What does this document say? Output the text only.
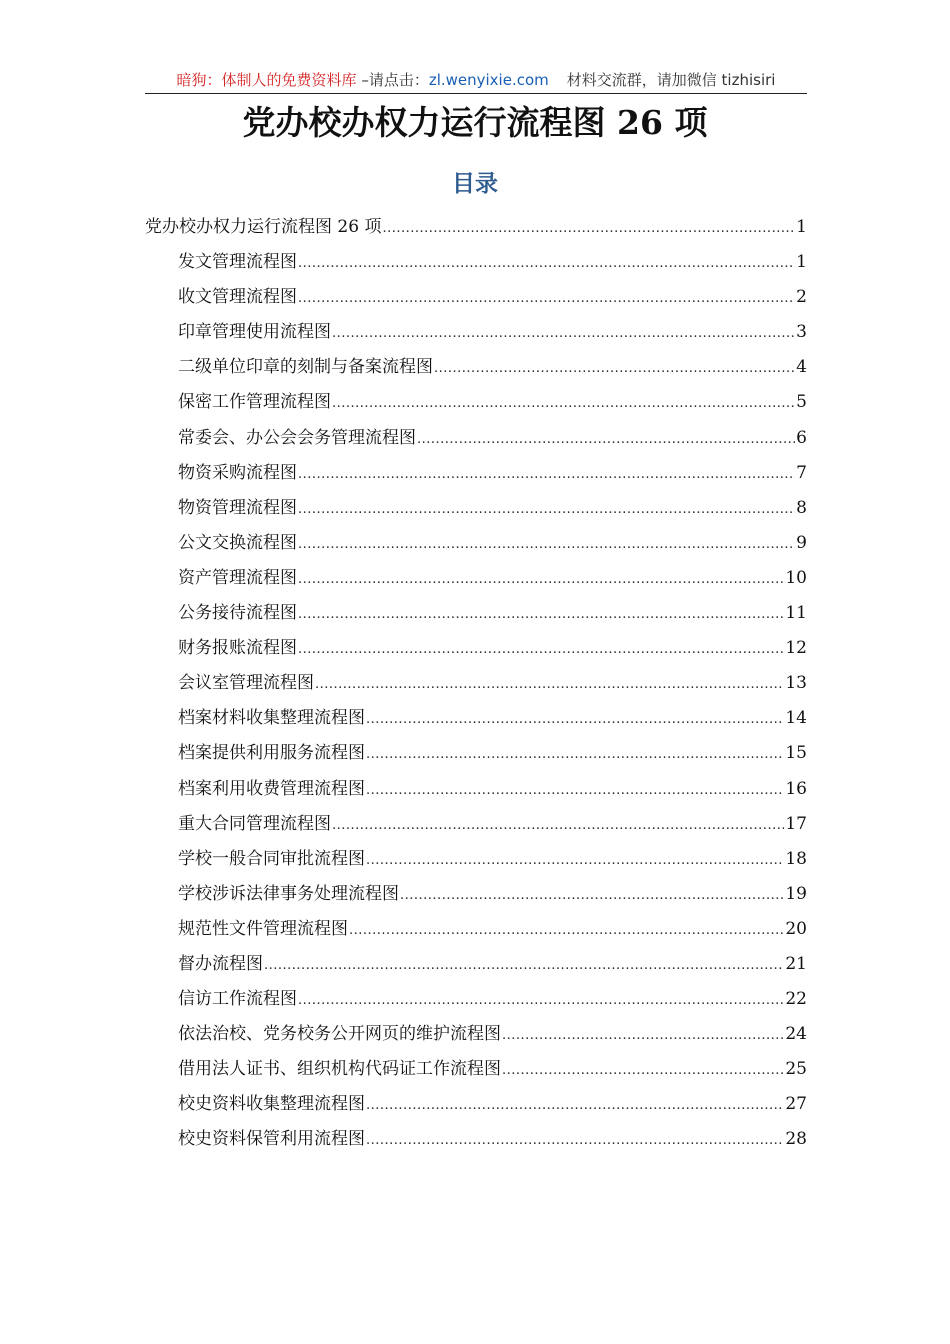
暗狗：体制人的免费资料库 –请点击：zl.wenyixie.com 材料交流群，请加微信 tizhisiri
党办校办权力运行流程图 26 项
目录
党办校办权力运行流程图 26 项 .....	1
发文管理流程图 .....	1
收文管理流程图 .....	2
印章管理使用流程图 .....	3
二级单位印章的刻制与备案流程图 .....	4
保密工作管理流程图 .....	5
常委会、办公会会务管理流程图 .....	6
物资采购流程图 .....	7
物资管理流程图 .....	8
公文交换流程图 .....	9
资产管理流程图 .....	10
公务接待流程图 .....	11
财务报账流程图 .....	12
会议室管理流程图 .....	13
档案材料收集整理流程图 .....	14
档案提供利用服务流程图 .....	15
档案利用收费管理流程图 .....	16
重大合同管理流程图 .....	17
学校一般合同审批流程图 .....	18
学校涉诉法律事务处理流程图 .....	19
规范性文件管理流程图 .....	20
督办流程图 .....	21
信访工作流程图 .....	22
依法治校、党务校务公开网页的维护流程图 .....	24
借用法人证书、组织机构代码证工作流程图 .....	25
校史资料收集整理流程图 .....	27
校史资料保管利用流程图 .....	28
